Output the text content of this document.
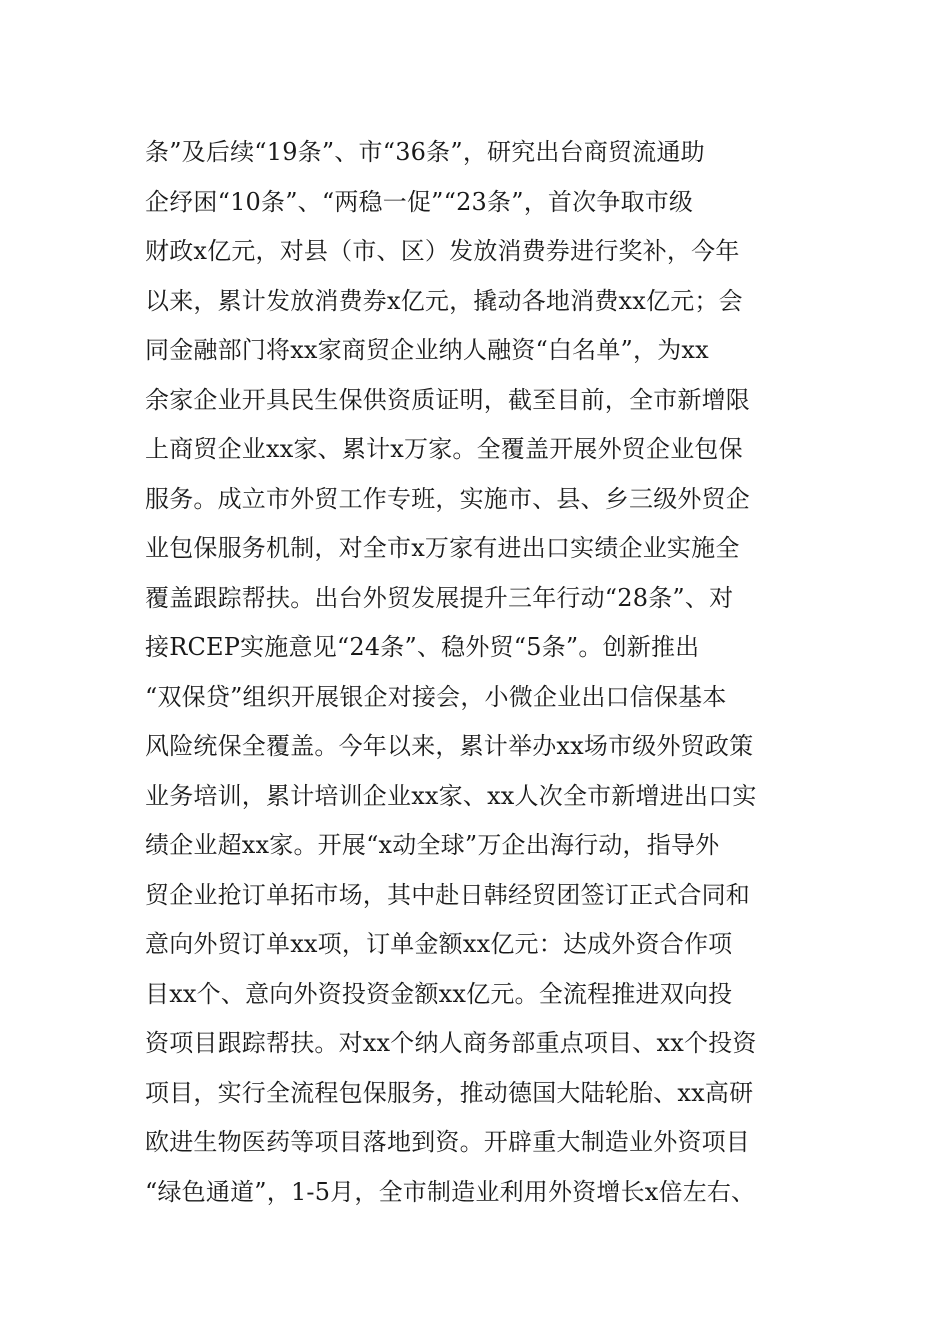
条”及后续“19条”、市“36条”，研究出台商贸流通助
企纾困“10条”、“两稳一促”“23条”，首次争取市级
财政x亿元，对县（市、区）发放消费券进行奖补，今年
以来，累计发放消费券x亿元，撬动各地消费xx亿元；会
同金融部门将xx家商贸企业纳人融资“白名单”，为xx
余家企业开具民生保供资质证明，截至目前，全市新增限
上商贸企业xx家、累计x万家。全覆盖开展外贸企业包保
服务。成立市外贸工作专班，实施市、县、乡三级外贸企
业包保服务机制，对全市x万家有进出口实绩企业实施全
覆盖跟踪帮扶。出台外贸发展提升三年行动“28条”、对
接RCEP实施意见“24条”、稳外贸“5条”。创新推出
“双保贷”组织开展银企对接会，小微企业出口信保基本
风险统保全覆盖。今年以来，累计举办xx场市级外贸政策
业务培训，累计培训企业xx家、xx人次全市新增进出口实
绩企业超xx家。开展“x动全球”万企出海行动，指导外
贸企业抢订单拓市场，其中赴日韩经贸团签订正式合同和
意向外贸订单xx项，订单金额xx亿元：达成外资合作项
目xx个、意向外资投资金额xx亿元。全流程推进双向投
资项目跟踪帮扶。对xx个纳人商务部重点项目、xx个投资
项目，实行全流程包保服务，推动德国大陆轮胎、xx高研
欧进生物医药等项目落地到资。开辟重大制造业外资项目
“绿色通道”，1-5月，全市制造业利用外资增长x倍左右、
